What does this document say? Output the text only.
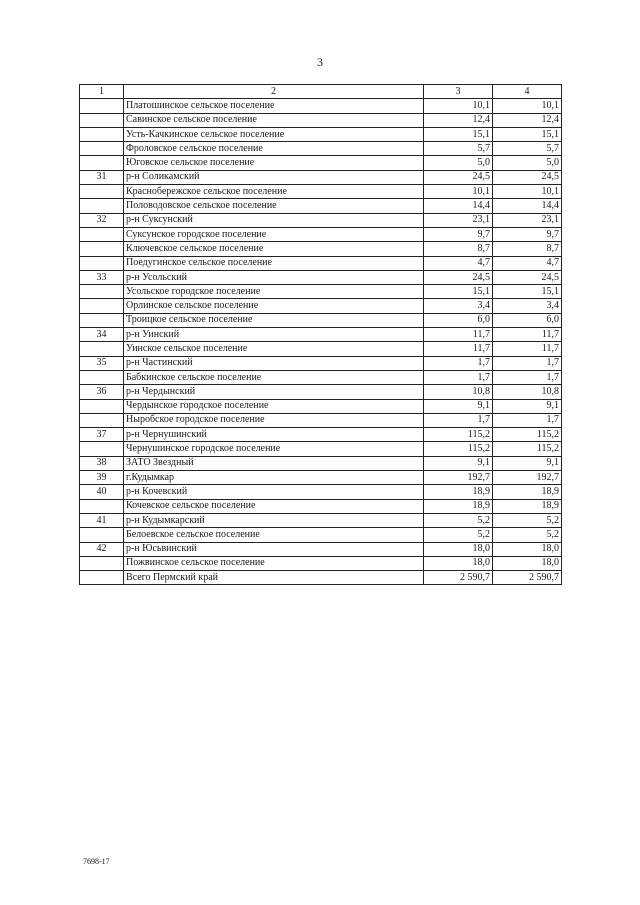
3
1	2	3	4
	Платошинское сельское поселение	10,1	10,1
	Савинское сельское поселение	12,4	12,4
	Усть-Качкинское сельское поселение	15,1	15,1
	Фроловское сельское поселение	5,7	5,7
	Юговское сельское поселение	5,0	5,0
31	р-н Соликамский	24,5	24,5
	Краснобережское сельское поселение	10,1	10,1
	Половодовское сельское поселение	14,4	14,4
32	р-н Суксунский	23,1	23,1
	Суксунское городское поселение	9,7	9,7
	Ключевское сельское поселение	8,7	8,7
	Поедугинское сельское поселение	4,7	4,7
33	р-н Усольский	24,5	24,5
	Усольское городское поселение	15,1	15,1
	Орлинское сельское поселение	3,4	3,4
	Троицкое сельское поселение	6,0	6,0
34	р-н Уинский	11,7	11,7
	Уинское сельское поселение	11,7	11,7
35	р-н Частинский	1,7	1,7
	Бабкинское сельское поселение	1,7	1,7
36	р-н Чердынский	10,8	10,8
	Чердынское городское поселение	9,1	9,1
	Ныробское городское поселение	1,7	1,7
37	р-н Чернушинский	115,2	115,2
	Чернушинское городское поселение	115,2	115,2
38	ЗАТО Звездный	9,1	9,1
39	г.Кудымкар	192,7	192,7
40	р-н Кочевский	18,9	18,9
	Кочевское сельское поселение	18,9	18,9
41	р-н Кудымкарский	5,2	5,2
	Белоевское сельское поселение	5,2	5,2
42	р-н Юсьвинский	18,0	18,0
	Пожвинское сельское поселение	18,0	18,0
	Всего Пермский край	2 590,7	2 590,7
7698-17
